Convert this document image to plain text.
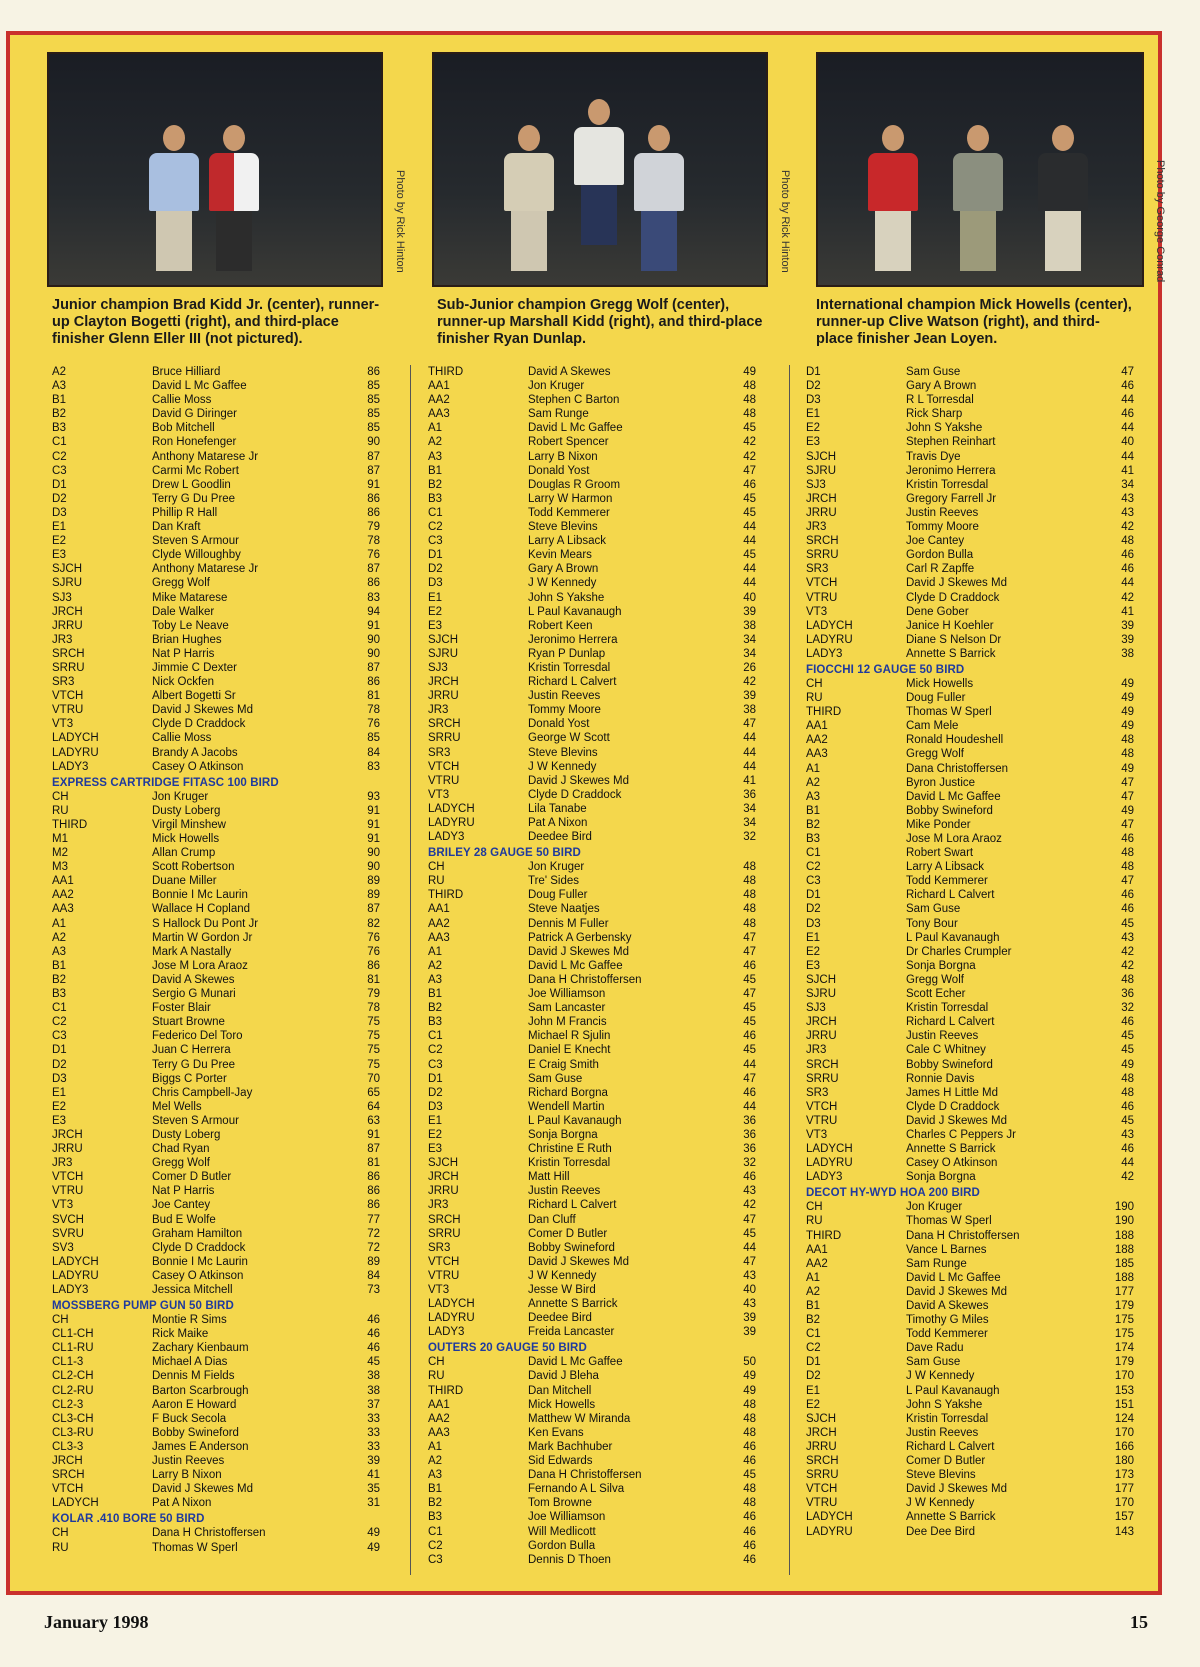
Photo by Rick Hinton	Photo by Rick Hinton	Photo by George Conrad
Junior champion Brad Kidd Jr. (center), runner-up Clayton Bogetti (right), and third-place finisher Glenn Eller III (not pictured).
Sub-Junior champion Gregg Wolf (center), runner-up Marshall Kidd (right), and third-place finisher Ryan Dunlap.
International champion Mick Howells (center), runner-up Clive Watson (right), and third-place finisher Jean Loyen.
A2	Bruce Hilliard	86
A3	David L Mc Gaffee	85
B1	Callie Moss	85
B2	David G Diringer	85
B3	Bob Mitchell	85
C1	Ron Honefenger	90
C2	Anthony Matarese Jr	87
C3	Carmi Mc Robert	87
D1	Drew L Goodlin	91
D2	Terry G Du Pree	86
D3	Phillip R Hall	86
E1	Dan Kraft	79
E2	Steven S Armour	78
E3	Clyde Willoughby	76
SJCH	Anthony Matarese Jr	87
SJRU	Gregg Wolf	86
SJ3	Mike Matarese	83
JRCH	Dale Walker	94
JRRU	Toby Le Neave	91
JR3	Brian Hughes	90
SRCH	Nat P Harris	90
SRRU	Jimmie C Dexter	87
SR3	Nick Ockfen	86
VTCH	Albert Bogetti Sr	81
VTRU	David J Skewes Md	78
VT3	Clyde D Craddock	76
LADYCH	Callie Moss	85
LADYRU	Brandy A Jacobs	84
LADY3	Casey O Atkinson	83
EXPRESS CARTRIDGE FITASC 100 BIRD
CH	Jon Kruger	93
RU	Dusty Loberg	91
THIRD	Virgil Minshew	91
M1	Mick Howells	91
M2	Allan Crump	90
M3	Scott Robertson	90
AA1	Duane Miller	89
AA2	Bonnie I Mc Laurin	89
AA3	Wallace H Copland	87
A1	S Hallock Du Pont Jr	82
A2	Martin W Gordon Jr	76
A3	Mark A Nastally	76
B1	Jose M Lora Araoz	86
B2	David A Skewes	81
B3	Sergio G Munari	79
C1	Foster Blair	78
C2	Stuart Browne	75
C3	Federico Del Toro	75
D1	Juan C Herrera	75
D2	Terry G Du Pree	75
D3	Biggs C Porter	70
E1	Chris Campbell-Jay	65
E2	Mel Wells	64
E3	Steven S Armour	63
JRCH	Dusty Loberg	91
JRRU	Chad Ryan	87
JR3	Gregg Wolf	81
VTCH	Comer D Butler	86
VTRU	Nat P Harris	86
VT3	Joe Cantey	86
SVCH	Bud E Wolfe	77
SVRU	Graham Hamilton	72
SV3	Clyde D Craddock	72
LADYCH	Bonnie I Mc Laurin	89
LADYRU	Casey O Atkinson	84
LADY3	Jessica Mitchell	73
MOSSBERG PUMP GUN 50 BIRD
CH	Montie R Sims	46
CL1-CH	Rick Maike	46
CL1-RU	Zachary Kienbaum	46
CL1-3	Michael A Dias	45
CL2-CH	Dennis M Fields	38
CL2-RU	Barton Scarbrough	38
CL2-3	Aaron E Howard	37
CL3-CH	F Buck Secola	33
CL3-RU	Bobby Swineford	33
CL3-3	James E Anderson	33
JRCH	Justin Reeves	39
SRCH	Larry B Nixon	41
VTCH	David J Skewes Md	35
LADYCH	Pat A Nixon	31
KOLAR .410 BORE 50 BIRD
CH	Dana H Christoffersen	49
RU	Thomas W Sperl	49
THIRD	David A Skewes	49
AA1	Jon Kruger	48
AA2	Stephen C Barton	48
AA3	Sam Runge	48
A1	David L Mc Gaffee	45
A2	Robert Spencer	42
A3	Larry B Nixon	42
B1	Donald Yost	47
B2	Douglas R Groom	46
B3	Larry W Harmon	45
C1	Todd Kemmerer	45
C2	Steve Blevins	44
C3	Larry A Libsack	44
D1	Kevin Mears	45
D2	Gary A Brown	44
D3	J W Kennedy	44
E1	John S Yakshe	40
E2	L Paul Kavanaugh	39
E3	Robert Keen	38
SJCH	Jeronimo Herrera	34
SJRU	Ryan P Dunlap	34
SJ3	Kristin Torresdal	26
JRCH	Richard L Calvert	42
JRRU	Justin Reeves	39
JR3	Tommy Moore	38
SRCH	Donald Yost	47
SRRU	George W Scott	44
SR3	Steve Blevins	44
VTCH	J W Kennedy	44
VTRU	David J Skewes Md	41
VT3	Clyde D Craddock	36
LADYCH	Lila Tanabe	34
LADYRU	Pat A Nixon	34
LADY3	Deedee Bird	32
BRILEY 28 GAUGE 50 BIRD
CH	Jon Kruger	48
RU	Tre' Sides	48
THIRD	Doug Fuller	48
AA1	Steve Naatjes	48
AA2	Dennis M Fuller	48
AA3	Patrick A Gerbensky	47
A1	David J Skewes Md	47
A2	David L Mc Gaffee	46
A3	Dana H Christoffersen	45
B1	Joe Williamson	47
B2	Sam Lancaster	45
B3	John M Francis	45
C1	Michael R Sjulin	46
C2	Daniel E Knecht	45
C3	E Craig Smith	44
D1	Sam Guse	47
D2	Richard Borgna	46
D3	Wendell Martin	44
E1	L Paul Kavanaugh	36
E2	Sonja Borgna	36
E3	Christine E Ruth	36
SJCH	Kristin Torresdal	32
JRCH	Matt Hill	46
JRRU	Justin Reeves	43
JR3	Richard L Calvert	42
SRCH	Dan Cluff	47
SRRU	Comer D Butler	45
SR3	Bobby Swineford	44
VTCH	David J Skewes Md	47
VTRU	J W Kennedy	43
VT3	Jesse W Bird	40
LADYCH	Annette S Barrick	43
LADYRU	Deedee Bird	39
LADY3	Freida Lancaster	39
OUTERS 20 GAUGE 50 BIRD
CH	David L Mc Gaffee	50
RU	David J Bleha	49
THIRD	Dan Mitchell	49
AA1	Mick Howells	48
AA2	Matthew W Miranda	48
AA3	Ken Evans	48
A1	Mark Bachhuber	46
A2	Sid Edwards	46
A3	Dana H Christoffersen	45
B1	Fernando A L Silva	48
B2	Tom Browne	48
B3	Joe Williamson	46
C1	Will Medlicott	46
C2	Gordon Bulla	46
C3	Dennis D Thoen	46
D1	Sam Guse	47
D2	Gary A Brown	46
D3	R L Torresdal	44
E1	Rick Sharp	46
E2	John S Yakshe	44
E3	Stephen Reinhart	40
SJCH	Travis Dye	44
SJRU	Jeronimo Herrera	41
SJ3	Kristin Torresdal	34
JRCH	Gregory Farrell Jr	43
JRRU	Justin Reeves	43
JR3	Tommy Moore	42
SRCH	Joe Cantey	48
SRRU	Gordon Bulla	46
SR3	Carl R Zapffe	46
VTCH	David J Skewes Md	44
VTRU	Clyde D Craddock	42
VT3	Dene Gober	41
LADYCH	Janice H Koehler	39
LADYRU	Diane S Nelson Dr	39
LADY3	Annette S Barrick	38
FIOCCHI 12 GAUGE 50 BIRD
CH	Mick Howells	49
RU	Doug Fuller	49
THIRD	Thomas W Sperl	49
AA1	Cam Mele	49
AA2	Ronald Houdeshell	48
AA3	Gregg Wolf	48
A1	Dana Christoffersen	49
A2	Byron Justice	47
A3	David L Mc Gaffee	47
B1	Bobby Swineford	49
B2	Mike Ponder	47
B3	Jose M Lora Araoz	46
C1	Robert Swart	48
C2	Larry A Libsack	48
C3	Todd Kemmerer	47
D1	Richard L Calvert	46
D2	Sam Guse	46
D3	Tony Bour	45
E1	L Paul Kavanaugh	43
E2	Dr Charles Crumpler	42
E3	Sonja Borgna	42
SJCH	Gregg Wolf	48
SJRU	Scott Echer	36
SJ3	Kristin Torresdal	32
JRCH	Richard L Calvert	46
JRRU	Justin Reeves	45
JR3	Cale C Whitney	45
SRCH	Bobby Swineford	49
SRRU	Ronnie Davis	48
SR3	James H Little Md	48
VTCH	Clyde D Craddock	46
VTRU	David J Skewes Md	45
VT3	Charles C Peppers Jr	43
LADYCH	Annette S Barrick	46
LADYRU	Casey O Atkinson	44
LADY3	Sonja Borgna	42
DECOT HY-WYD HOA 200 BIRD
CH	Jon Kruger	190
RU	Thomas W Sperl	190
THIRD	Dana H Christoffersen	188
AA1	Vance L Barnes	188
AA2	Sam Runge	185
A1	David L Mc Gaffee	188
A2	David J Skewes Md	177
B1	David A Skewes	179
B2	Timothy G Miles	175
C1	Todd Kemmerer	175
C2	Dave Radu	174
D1	Sam Guse	179
D2	J W Kennedy	170
E1	L Paul Kavanaugh	153
E2	John S Yakshe	151
SJCH	Kristin Torresdal	124
JRCH	Justin Reeves	170
JRRU	Richard L Calvert	166
SRCH	Comer D Butler	180
SRRU	Steve Blevins	173
VTCH	David J Skewes Md	177
VTRU	J W Kennedy	170
LADYCH	Annette S Barrick	157
LADYRU	Dee Dee Bird	143
January 1998	15
